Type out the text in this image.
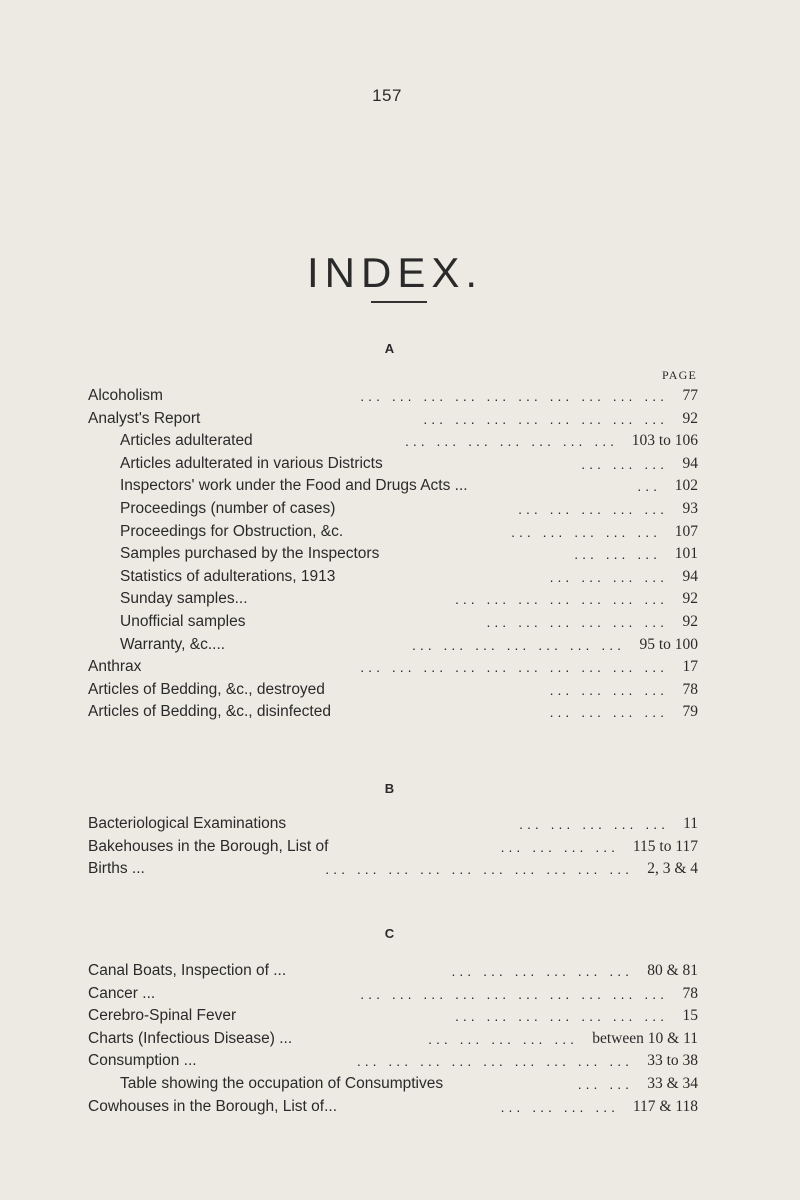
157
INDEX.
A
PAGE
Alcoholism	... ... ... ... ... ... ... ... ... ... 77
Analyst's Report	... ... ... ... ... ... ... ... 92
Articles adulterated	... ... ... ... ... ... ... 103 to 106
Articles adulterated in various Districts	... ... ... 94
Inspectors' work under the Food and Drugs Acts ...	... 102
Proceedings (number of cases)	... ... ... ... ... 93
Proceedings for Obstruction, &c.	... ... ... ... ... 107
Samples purchased by the Inspectors	... ... ... 101
Statistics of adulterations, 1913	... ... ... ... 94
Sunday samples...	... ... ... ... ... ... ... 92
Unofficial samples	... ... ... ... ... ... 92
Warranty, &c....	... ... ... ... ... ... ... 95 to 100
Anthrax	... ... ... ... ... ... ... ... ... ... 17
Articles of Bedding, &c., destroyed	... ... ... ... 78
Articles of Bedding, &c., disinfected	... ... ... ... 79
B
Bacteriological Examinations	... ... ... ... ... 11
Bakehouses in the Borough, List of	... ... ... ... 115 to 117
Births ...	... ... ... ... ... ... ... ... ... ... 2, 3 & 4
C
Canal Boats, Inspection of ...	... ... ... ... ... ... 80 & 81
Cancer ...	... ... ... ... ... ... ... ... ... ... 78
Cerebro-Spinal Fever	... ... ... ... ... ... ... 15
Charts (Infectious Disease) ...	... ... ... ... ... between 10 & 11
Consumption ...	... ... ... ... ... ... ... ... ... 33 to 38
Table showing the occupation of Consumptives	... ... 33 & 34
Cowhouses in the Borough, List of...	... ... ... ... 117 & 118
